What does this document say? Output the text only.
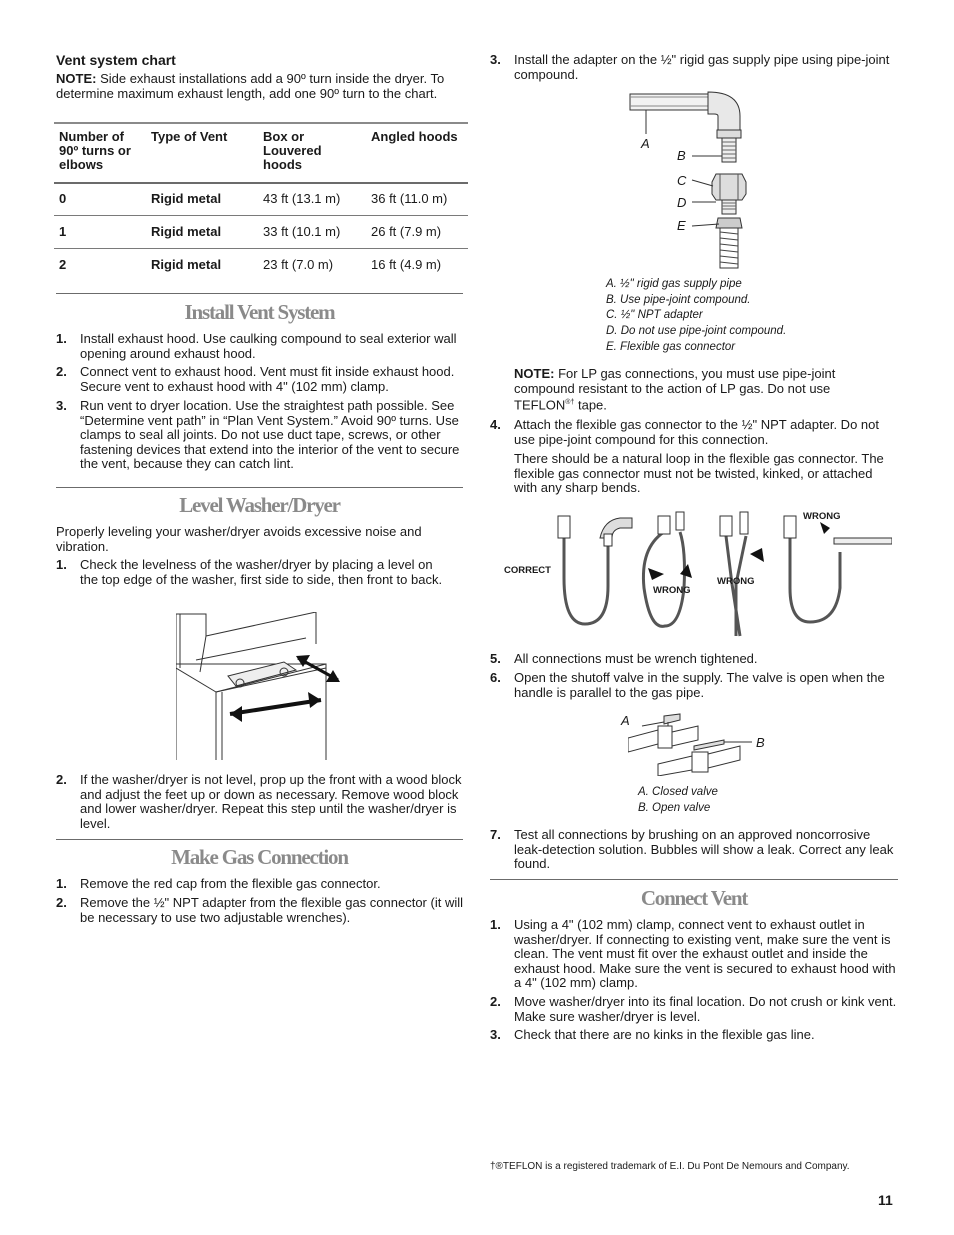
Vent system chart
NOTE: Side exhaust installations add a 90º turn inside the dryer. To determine maximum exhaust length, add one 90º turn to the chart.
Number of 90º turns or elbows	Type of Vent	Box or Louvered hoods	Angled hoods
0	Rigid metal	43 ft (13.1 m)	36 ft (11.0 m)
1	Rigid metal	33 ft (10.1 m)	26 ft (7.9 m)
2	Rigid metal	23 ft (7.0 m)	16 ft (4.9 m)
Install Vent System
1. Install exhaust hood. Use caulking compound to seal exterior wall opening around exhaust hood.
2. Connect vent to exhaust hood. Vent must fit inside exhaust hood. Secure vent to exhaust hood with 4" (102 mm) clamp.
3. Run vent to dryer location. Use the straightest path possible. See “Determine vent path” in “Plan Vent System.” Avoid 90º turns. Use clamps to seal all joints. Do not use duct tape, screws, or other fastening devices that extend into the interior of the vent to secure the vent, because they can catch lint.
Level Washer/Dryer
Properly leveling your washer/dryer avoids excessive noise and vibration.
1. Check the levelness of the washer/dryer by placing a level on the top edge of the washer, first side to side, then front to back.
2. If the washer/dryer is not level, prop up the front with a wood block and adjust the feet up or down as necessary. Remove wood block and lower washer/dryer. Repeat this step until the washer/dryer is level.
Make Gas Connection
1. Remove the red cap from the flexible gas connector.
2. Remove the ½" NPT adapter from the flexible gas connector (it will be necessary to use two adjustable wrenches).
3. Install the adapter on the ½" rigid gas supply pipe using pipe-joint compound.
A
B
C
D
E
A. ½" rigid gas supply pipe
B. Use pipe-joint compound.
C. ½" NPT adapter
D. Do not use pipe-joint compound.
E. Flexible gas connector
NOTE: For LP gas connections, you must use pipe-joint compound resistant to the action of LP gas. Do not use TEFLON®† tape.
4. Attach the flexible gas connector to the ½" NPT adapter. Do not use pipe-joint compound for this connection.
There should be a natural loop in the flexible gas connector. The flexible gas connector must not be twisted, kinked, or attached with any sharp bends.
CORRECT
WRONG
WRONG
WRONG
5. All connections must be wrench tightened.
6. Open the shutoff valve in the supply. The valve is open when the handle is parallel to the gas pipe.
A
B
A. Closed valve
B. Open valve
7. Test all connections by brushing on an approved noncorrosive leak-detection solution. Bubbles will show a leak. Correct any leak found.
Connect Vent
1. Using a 4" (102 mm) clamp, connect vent to exhaust outlet in washer/dryer. If connecting to existing vent, make sure the vent is clean. The vent must fit over the exhaust outlet and inside the exhaust hood. Make sure the vent is secured to exhaust hood with a 4" (102 mm) clamp.
2. Move washer/dryer into its final location. Do not crush or kink vent. Make sure washer/dryer is level.
3. Check that there are no kinks in the flexible gas line.
†®TEFLON is a registered trademark of E.I. Du Pont De Nemours and Company.
11
